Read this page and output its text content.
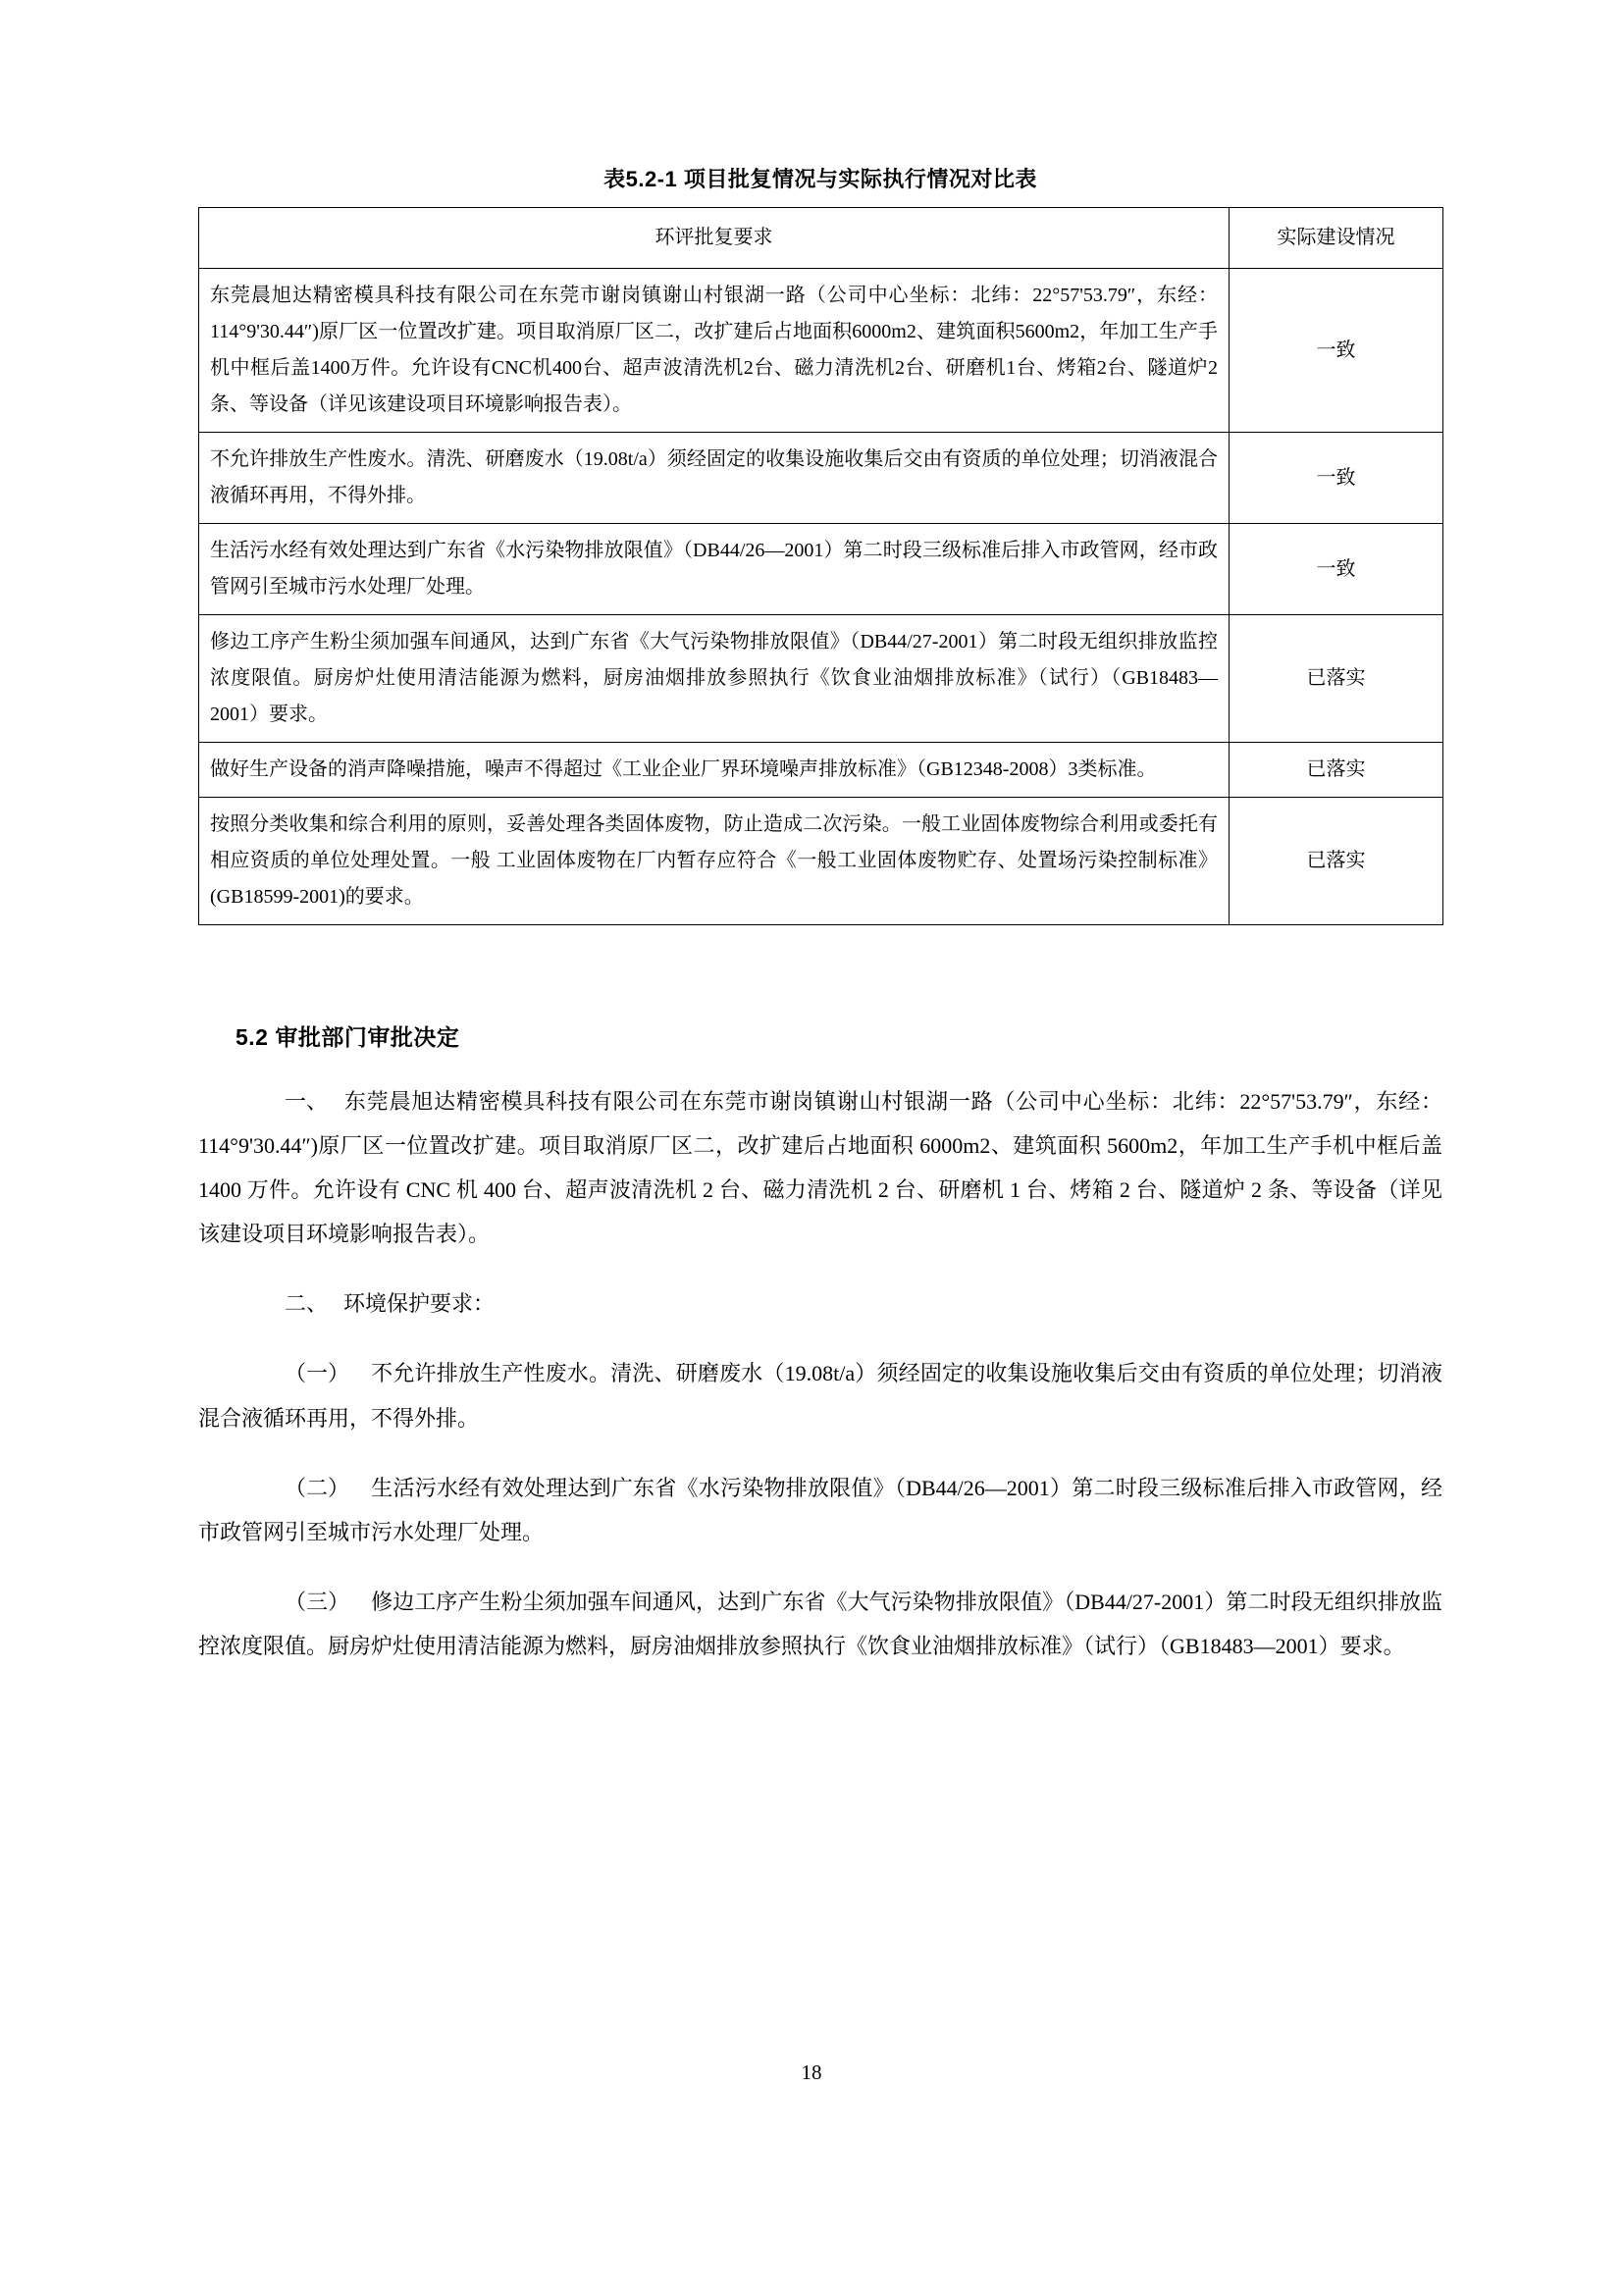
表5.2-1 项目批复情况与实际执行情况对比表
环评批复要求	实际建设情况
东莞晨旭达精密模具科技有限公司在东莞市谢岗镇谢山村银湖一路（公司中心坐标：北纬：22°57'53.79″，东经：114°9'30.44″)原厂区一位置改扩建。项目取消原厂区二，改扩建后占地面积6000m2、建筑面积5600m2，年加工生产手机中框后盖1400万件。允许设有CNC机400台、超声波清洗机2台、磁力清洗机2台、研磨机1台、烤箱2台、隧道炉2条、等设备（详见该建设项目环境影响报告表）。	一致
不允许排放生产性废水。清洗、研磨废水（19.08t/a）须经固定的收集设施收集后交由有资质的单位处理；切消液混合液循环再用，不得外排。	一致
生活污水经有效处理达到广东省《水污染物排放限值》（DB44/26—2001）第二时段三级标准后排入市政管网，经市政管网引至城市污水处理厂处理。	一致
修边工序产生粉尘须加强车间通风，达到广东省《大气污染物排放限值》（DB44/27-2001）第二时段无组织排放监控浓度限值。厨房炉灶使用清洁能源为燃料，厨房油烟排放参照执行《饮食业油烟排放标准》（试行）（GB18483—2001）要求。	已落实
做好生产设备的消声降噪措施，噪声不得超过《工业企业厂界环境噪声排放标准》（GB12348-2008）3类标准。	已落实
按照分类收集和综合利用的原则，妥善处理各类固体废物，防止造成二次污染。一般工业固体废物综合利用或委托有相应资质的单位处理处置。一般 工业固体废物在厂内暂存应符合《一般工业固体废物贮存、处置场污染控制标准》(GB18599-2001)的要求。	已落实
5.2 审批部门审批决定

一、 东莞晨旭达精密模具科技有限公司在东莞市谢岗镇谢山村银湖一路（公司中心坐标：北纬：22°57'53.79″，东经：114°9'30.44″)原厂区一位置改扩建。项目取消原厂区二，改扩建后占地面积 6000m2、建筑面积 5600m2，年加工生产手机中框后盖 1400 万件。允许设有 CNC 机 400 台、超声波清洗机 2 台、磁力清洗机 2 台、研磨机 1 台、烤箱 2 台、隧道炉 2 条、等设备（详见该建设项目环境影响报告表）。

二、 环境保护要求：

（一） 不允许排放生产性废水。清洗、研磨废水（19.08t/a）须经固定的收集设施收集后交由有资质的单位处理；切消液混合液循环再用，不得外排。

（二） 生活污水经有效处理达到广东省《水污染物排放限值》（DB44/26—2001）第二时段三级标准后排入市政管网，经市政管网引至城市污水处理厂处理。

（三） 修边工序产生粉尘须加强车间通风，达到广东省《大气污染物排放限值》（DB44/27-2001）第二时段无组织排放监控浓度限值。厨房炉灶使用清洁能源为燃料，厨房油烟排放参照执行《饮食业油烟排放标准》（试行）（GB18483—2001）要求。

18
